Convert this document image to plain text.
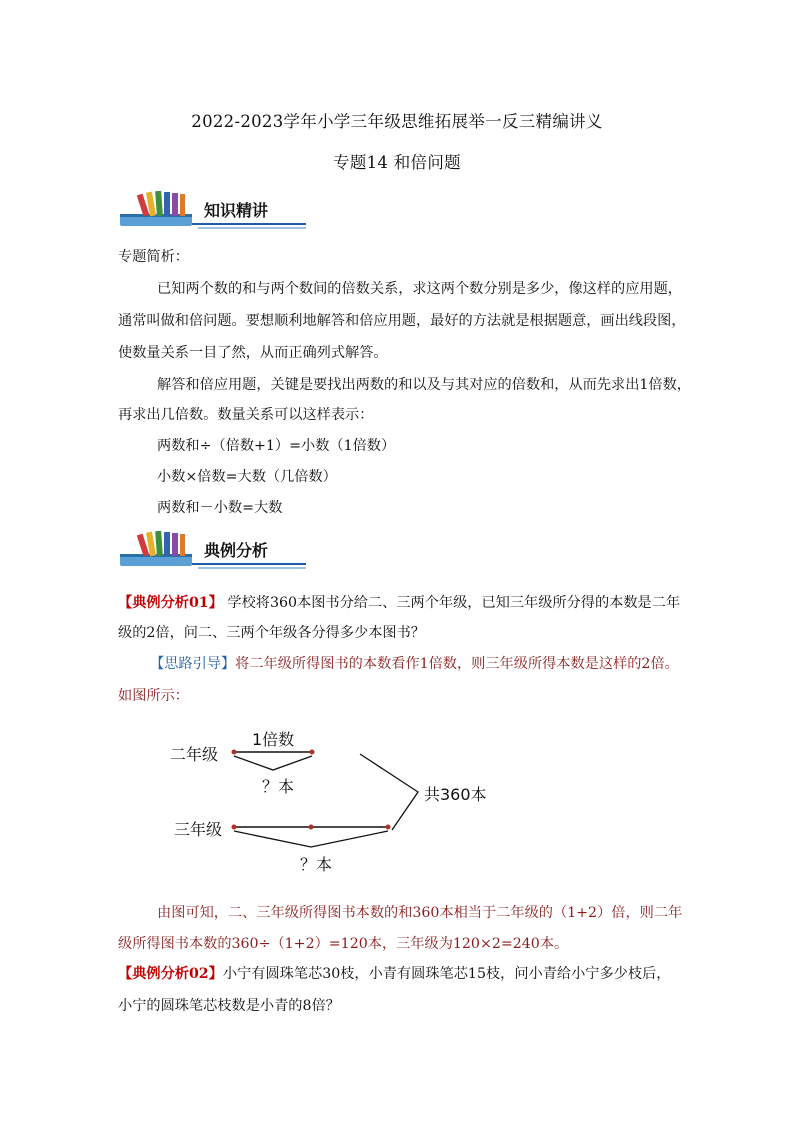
2022-2023学年小学三年级思维拓展举一反三精编讲义
专题14 和倍问题
知识精讲
专题简析：
已知两个数的和与两个数间的倍数关系，求这两个数分别是多少，像这样的应用题，
通常叫做和倍问题。要想顺利地解答和倍应用题，最好的方法就是根据题意，画出线段图，
使数量关系一目了然，从而正确列式解答。
解答和倍应用题，关键是要找出两数的和以及与其对应的倍数和，从而先求出1倍数，
再求出几倍数。数量关系可以这样表示：
两数和÷（倍数+1）=小数（1倍数）
小数×倍数=大数（几倍数）
两数和－小数=大数
典例分析
【典例分析01】 学校将360本图书分给二、三两个年级，已知三年级所分得的本数是二年
级的2倍，问二、三两个年级各分得多少本图书？
【思路引导】将二年级所得图书的本数看作1倍数，则三年级所得本数是这样的2倍。
如图所示：
二年级
1倍数
？本	共360本
三年级
？本
由图可知，二、三年级所得图书本数的和360本相当于二年级的（1+2）倍，则二年
级所得图书本数的360÷（1+2）=120本，三年级为120×2=240本。
【典例分析02】小宁有圆珠笔芯30枝，小青有圆珠笔芯15枝，问小青给小宁多少枝后，
小宁的圆珠笔芯枝数是小青的8倍？
